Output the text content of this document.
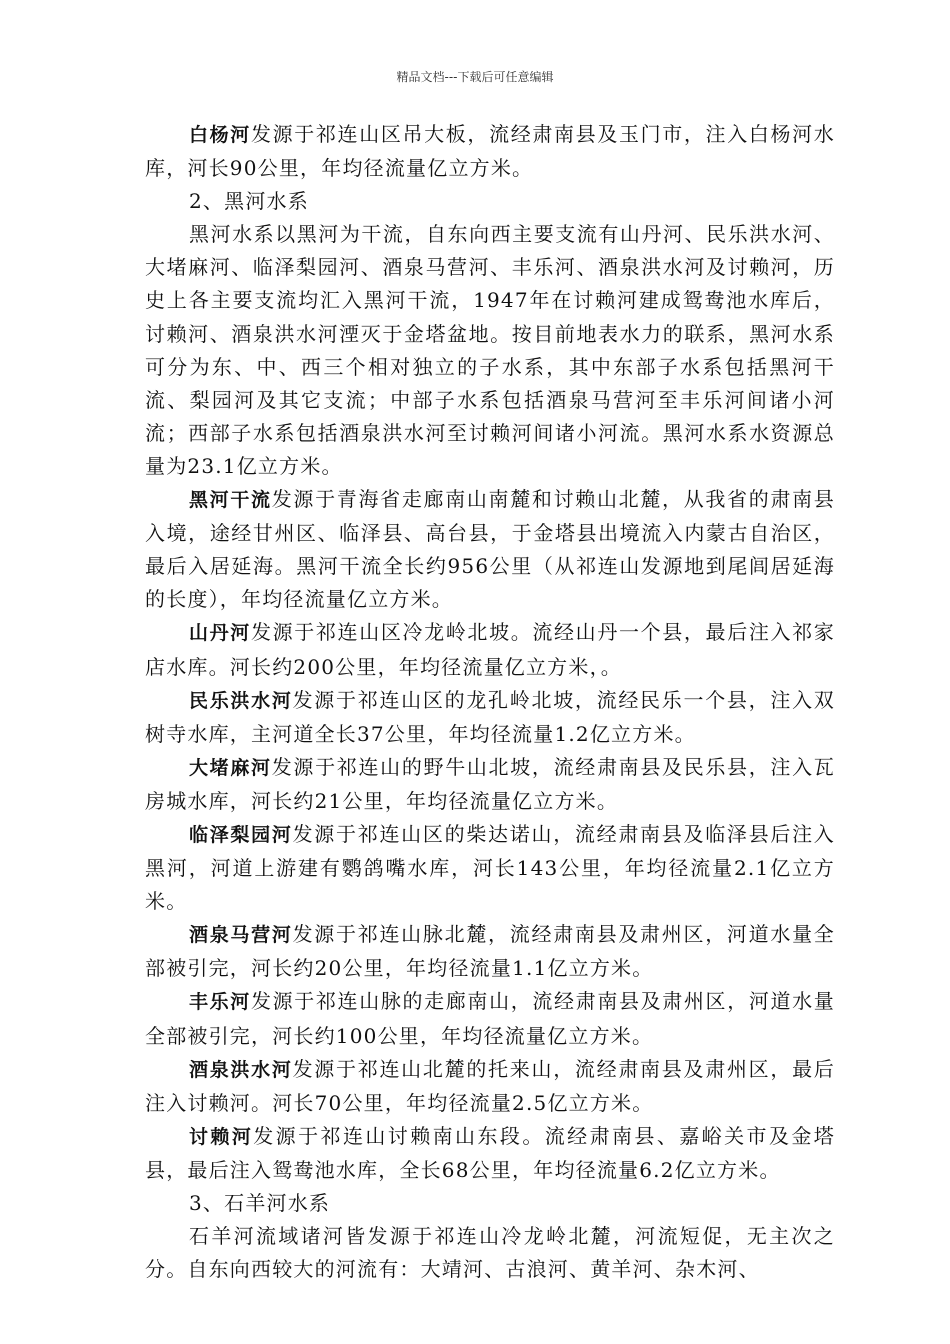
精品文档---下载后可任意编辑

白杨河发源于祁连山区吊大板，流经肃南县及玉门市，注入白杨河水库，河长90公里，年均径流量亿立方米。

2、黑河水系

黑河水系以黑河为干流，自东向西主要支流有山丹河、民乐洪水河、大堵麻河、临泽梨园河、酒泉马营河、丰乐河、酒泉洪水河及讨赖河，历史上各主要支流均汇入黑河干流，1947年在讨赖河建成鸳鸯池水库后，讨赖河、酒泉洪水河湮灭于金塔盆地。按目前地表水力的联系，黑河水系可分为东、中、西三个相对独立的子水系，其中东部子水系包括黑河干流、梨园河及其它支流；中部子水系包括酒泉马营河至丰乐河间诸小河流；西部子水系包括酒泉洪水河至讨赖河间诸小河流。黑河水系水资源总量为23.1亿立方米。

黑河干流发源于青海省走廊南山南麓和讨赖山北麓，从我省的肃南县入境，途经甘州区、临泽县、高台县，于金塔县出境流入内蒙古自治区，最后入居延海。黑河干流全长约956公里（从祁连山发源地到尾闾居延海的长度），年均径流量亿立方米。

山丹河发源于祁连山区冷龙岭北坡。流经山丹一个县，最后注入祁家店水库。河长约200公里，年均径流量亿立方米，。

民乐洪水河发源于祁连山区的龙孔岭北坡，流经民乐一个县，注入双树寺水库，主河道全长37公里，年均径流量1.2亿立方米。

大堵麻河发源于祁连山的野牛山北坡，流经肃南县及民乐县，注入瓦房城水库，河长约21公里，年均径流量亿立方米。

临泽梨园河发源于祁连山区的柴达诺山，流经肃南县及临泽县后注入黑河，河道上游建有鹦鸽嘴水库，河长143公里，年均径流量2.1亿立方米。

酒泉马营河发源于祁连山脉北麓，流经肃南县及肃州区，河道水量全部被引完，河长约20公里，年均径流量1.1亿立方米。

丰乐河发源于祁连山脉的走廊南山，流经肃南县及肃州区，河道水量全部被引完，河长约100公里，年均径流量亿立方米。

酒泉洪水河发源于祁连山北麓的托来山，流经肃南县及肃州区，最后注入讨赖河。河长70公里，年均径流量2.5亿立方米。

讨赖河发源于祁连山讨赖南山东段。流经肃南县、嘉峪关市及金塔县，最后注入鸳鸯池水库，全长68公里，年均径流量6.2亿立方米。

3、石羊河水系

石羊河流域诸河皆发源于祁连山冷龙岭北麓，河流短促，无主次之分。自东向西较大的河流有：大靖河、古浪河、黄羊河、杂木河、
